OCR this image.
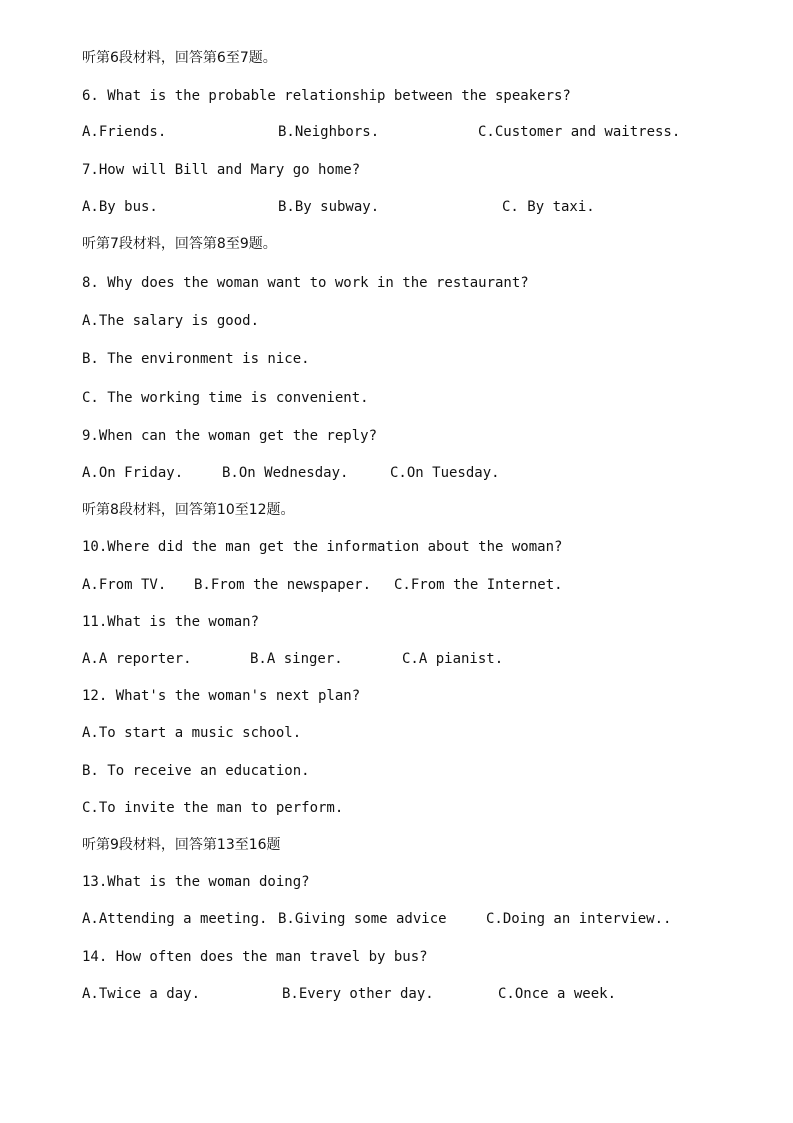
听第6段材料，回答第6至7题。
6. What is the probable relationship between the speakers?
A.Friends.	B.Neighbors.	C.Customer and waitress.
7.How will Bill and Mary go home?
A.By bus.	B.By subway.	C. By taxi.
听第7段材料，回答第8至9题。
8. Why does the woman want to work in the restaurant?
A.The salary is good.
B. The environment is nice.
C. The working time is convenient.
9.When can the woman get the reply?
A.On Friday.	B.On Wednesday.	C.On Tuesday.
听第8段材料，回答第10至12题。
10.Where did the man get the information about the woman?
A.From TV. B.From the newspaper. C.From the Internet.
11.What is the woman?
A.A reporter.	B.A singer.	C.A pianist.
12. What's the woman's next plan?
A.To start a music school.
B. To receive an education.
C.To invite the man to perform.
听第9段材料，回答第13至16题
13.What is the woman doing?
A.Attending a meeting. B.Giving some advice	C.Doing an interview..
14. How often does the man travel by bus?
A.Twice a day.	B.Every other day.	C.Once a week.
